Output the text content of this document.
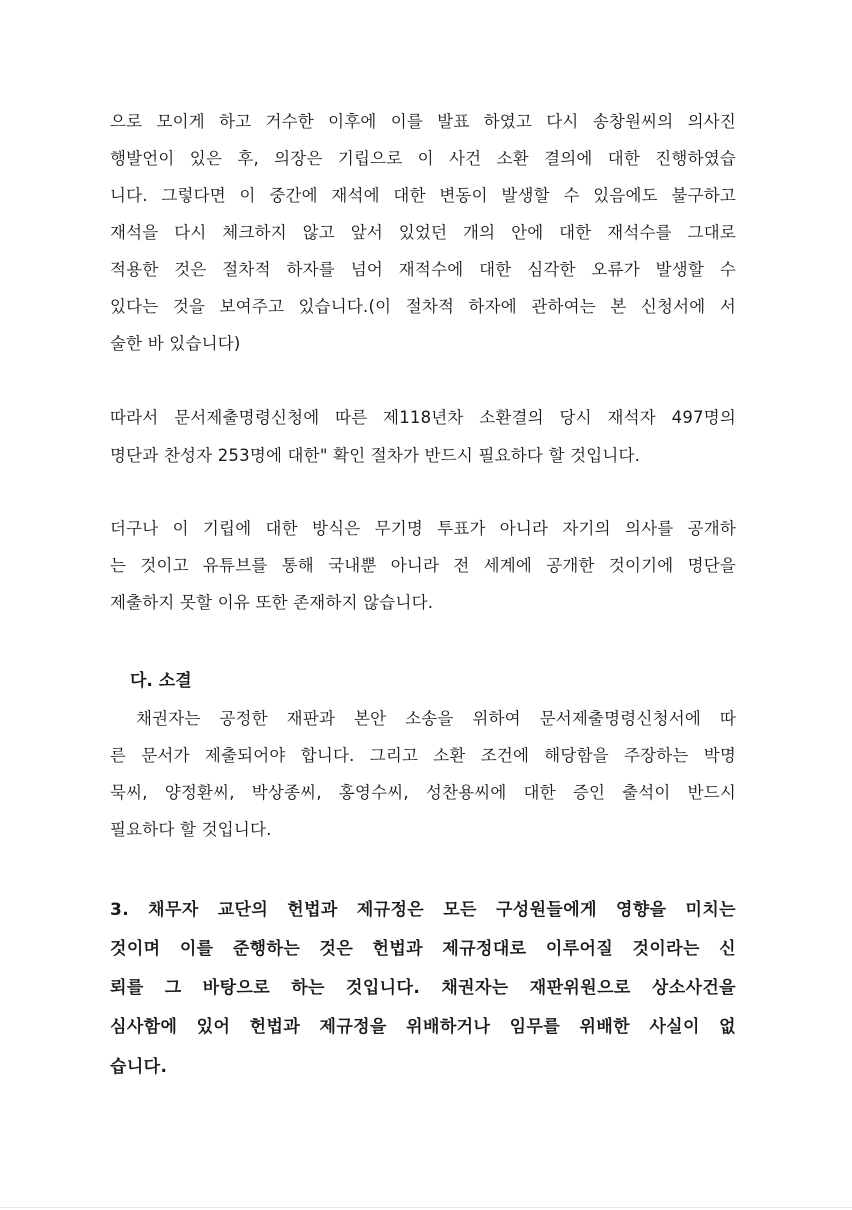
으로 모이게 하고 거수한 이후에 이를 발표 하였고 다시 송창원씨의 의사진
행발언이 있은 후, 의장은 기립으로 이 사건 소환 결의에 대한 진행하였습
니다. 그렇다면 이 중간에 재석에 대한 변동이 발생할 수 있음에도 불구하고
재석을 다시 체크하지 않고 앞서 있었던 개의 안에 대한 재석수를 그대로
적용한 것은 절차적 하자를 넘어 재적수에 대한 심각한 오류가 발생할 수
있다는 것을 보여주고 있습니다.(이 절차적 하자에 관하여는 본 신청서에 서
술한 바 있습니다)
따라서 문서제출명령신청에 따른 제118년차 소환결의 당시 재석자 497명의
명단과 찬성자 253명에 대한" 확인 절차가 반드시 필요하다 할 것입니다.
더구나 이 기립에 대한 방식은 무기명 투표가 아니라 자기의 의사를 공개하
는 것이고 유튜브를 통해 국내뿐 아니라 전 세계에 공개한 것이기에 명단을
제출하지 못할 이유 또한 존재하지 않습니다.
다. 소결
채권자는 공정한 재판과 본안 소송을 위하여 문서제출명령신청서에 따
른 문서가 제출되어야 합니다. 그리고 소환 조건에 해당함을 주장하는 박명
묵씨, 양정환씨, 박상종씨, 홍영수씨, 성찬용씨에 대한 증인 출석이 반드시
필요하다 할 것입니다.
3. 채무자 교단의 헌법과 제규정은 모든 구성원들에게 영향을 미치는
것이며 이를 준행하는 것은 헌법과 제규정대로 이루어질 것이라는 신
뢰를 그 바탕으로 하는 것입니다. 채권자는 재판위원으로 상소사건을
심사함에 있어 헌법과 제규정을 위배하거나 임무를 위배한 사실이 없
습니다.
